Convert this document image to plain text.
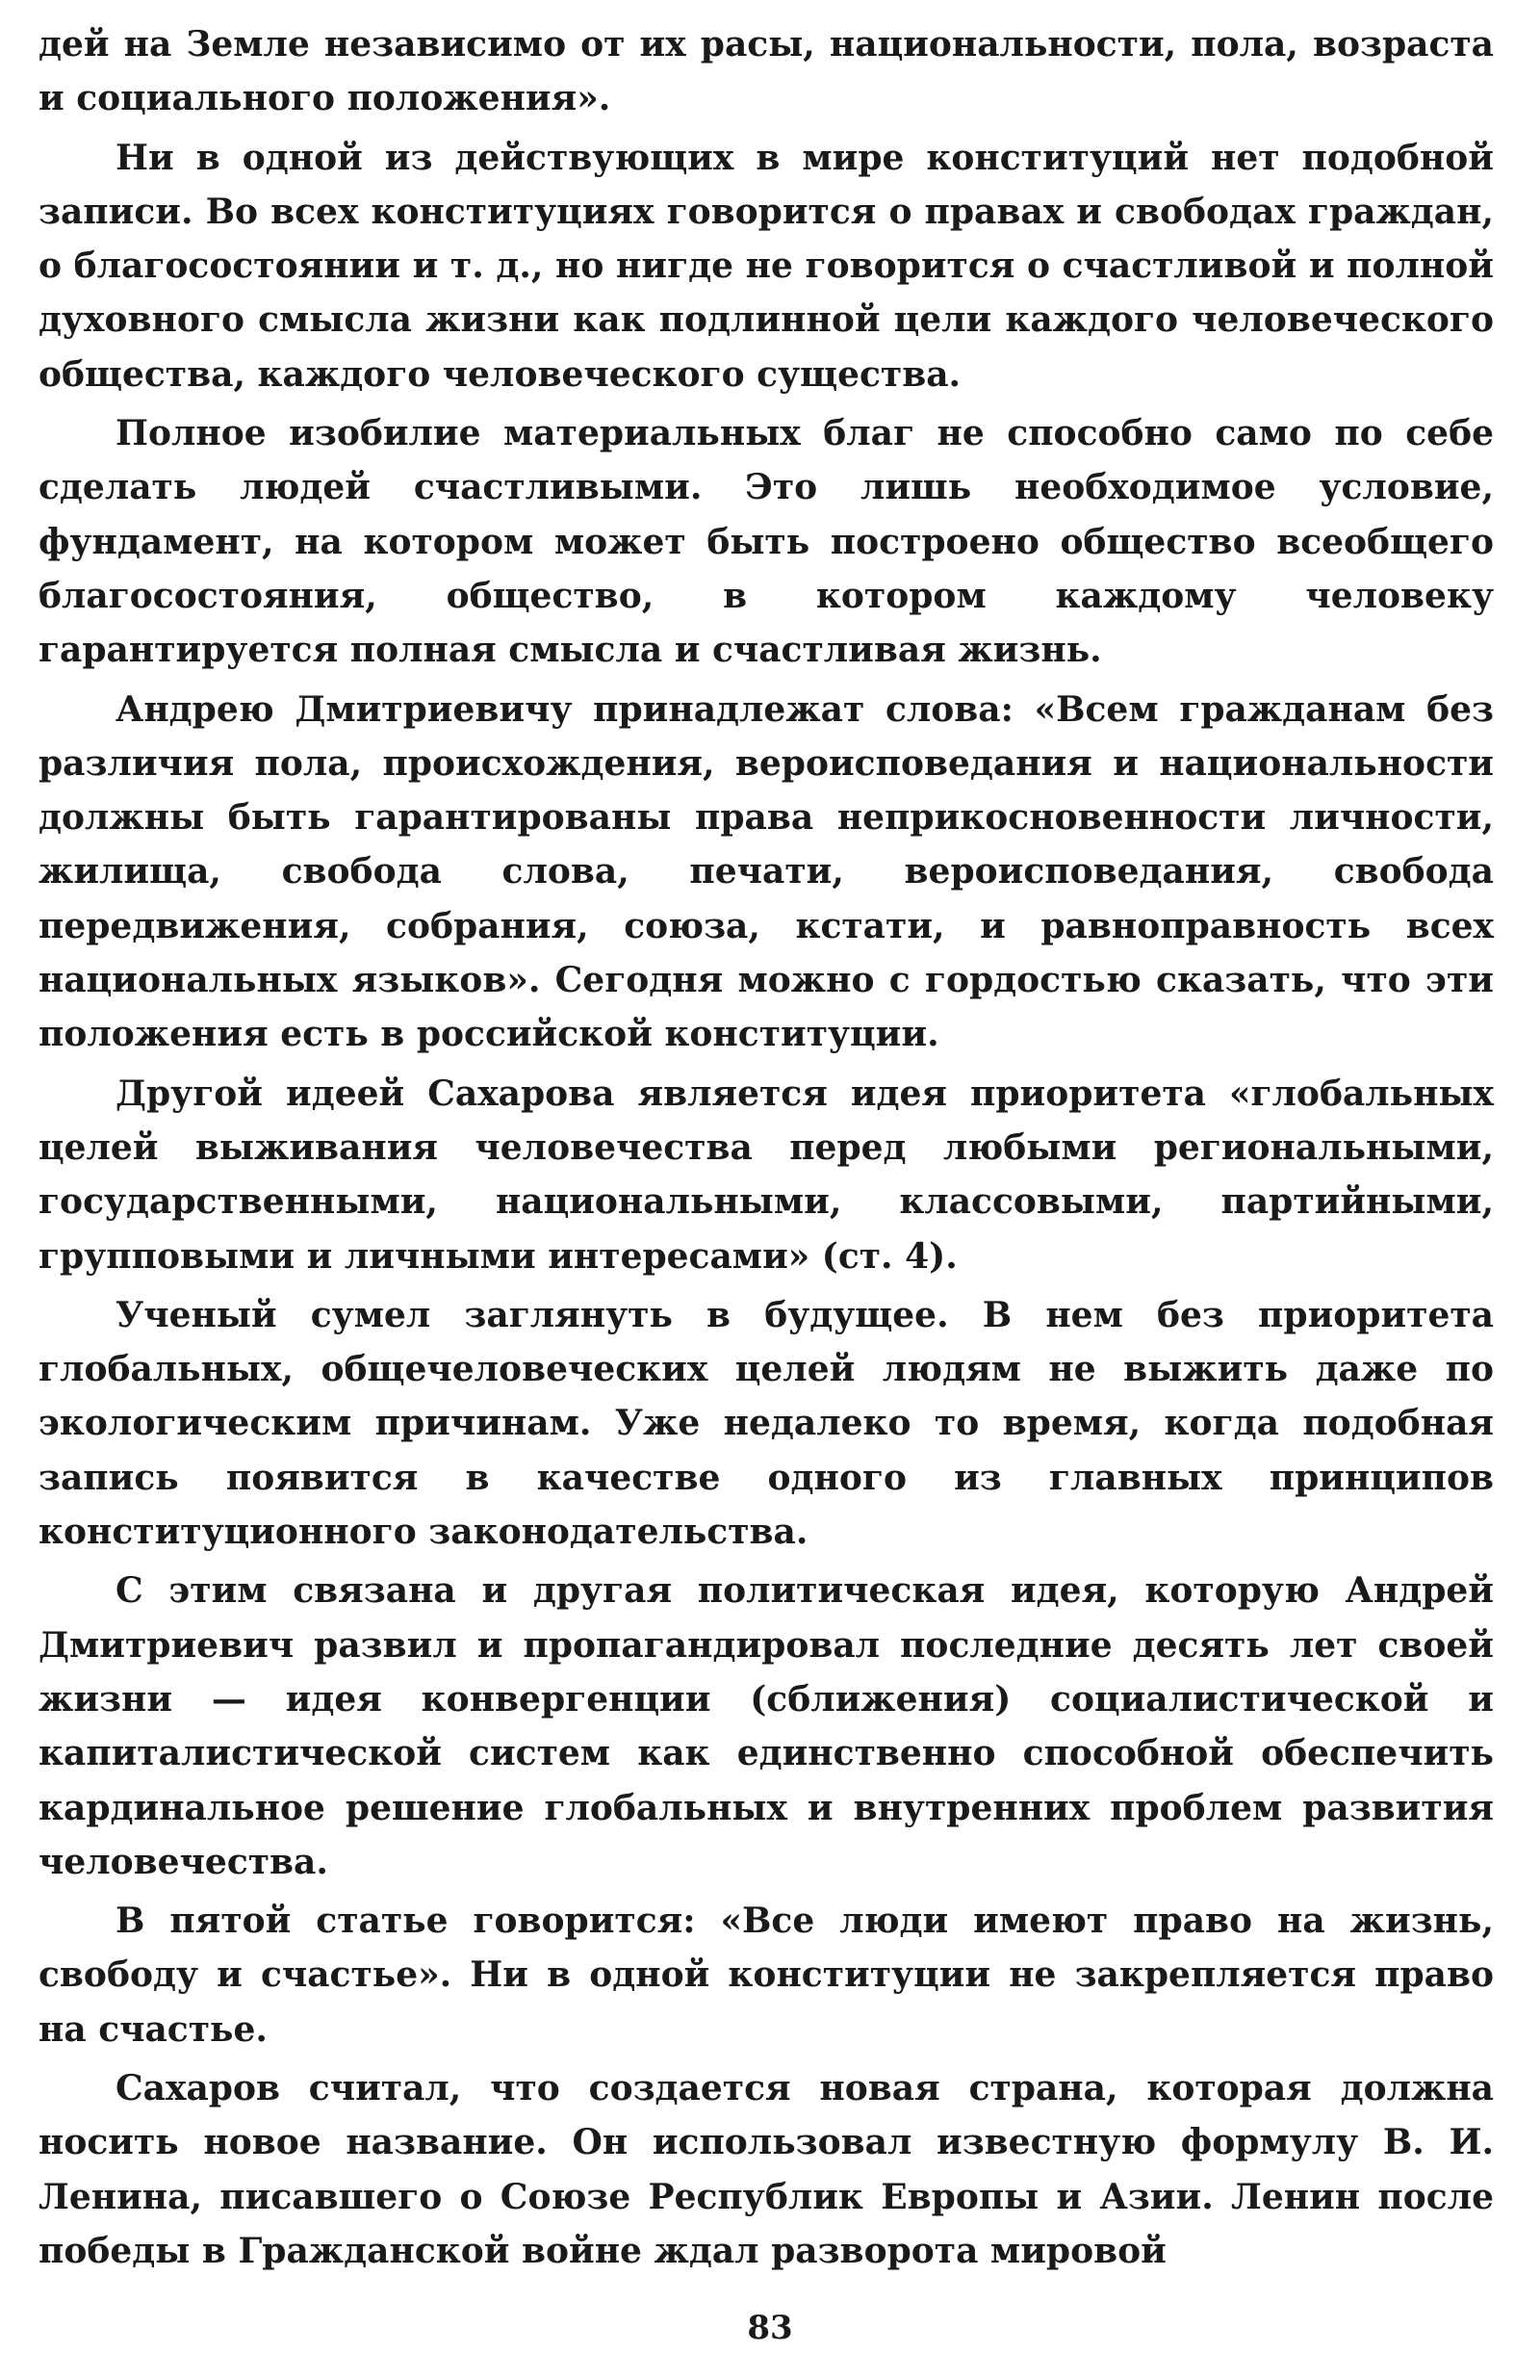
дей на Земле независимо от их расы, национальности, пола, возраста и социального положения».

Ни в одной из действующих в мире конституций нет подобной записи. Во всех конституциях говорится о правах и свободах граждан, о благосостоянии и т. д., но нигде не говорится о счастливой и полной духовного смысла жизни как подлинной цели каждого человеческого общества, каждого человеческого существа.

Полное изобилие материальных благ не способно само по себе сделать людей счастливыми. Это лишь необходимое условие, фундамент, на котором может быть построено общество всеобщего благосостояния, общество, в котором каждому человеку гарантируется полная смысла и счастливая жизнь.

Андрею Дмитриевичу принадлежат слова: «Всем гражданам без различия пола, происхождения, вероисповедания и национальности должны быть гарантированы права неприкосновенности личности, жилища, свобода слова, печати, вероисповедания, свобода передвижения, собрания, союза, кстати, и равноправность всех национальных языков». Сегодня можно с гордостью сказать, что эти положения есть в российской конституции.

Другой идеей Сахарова является идея приоритета «глобальных целей выживания человечества перед любыми региональными, государственными, национальными, классовыми, партийными, групповыми и личными интересами» (ст. 4).

Ученый сумел заглянуть в будущее. В нем без приоритета глобальных, общечеловеческих целей людям не выжить даже по экологическим причинам. Уже недалеко то время, когда подобная запись появится в качестве одного из главных принципов конституционного законодательства.

С этим связана и другая политическая идея, которую Андрей Дмитриевич развил и пропагандировал последние десять лет своей жизни — идея конвергенции (сближения) социалистической и капиталистической систем как единственно способной обеспечить кардинальное решение глобальных и внутренних проблем развития человечества.

В пятой статье говорится: «Все люди имеют право на жизнь, свободу и счастье». Ни в одной конституции не закрепляется право на счастье.

Сахаров считал, что создается новая страна, которая должна носить новое название. Он использовал известную формулу В. И. Ленина, писавшего о Союзе Республик Европы и Азии. Ленин после победы в Гражданской войне ждал разворота мировой

83
